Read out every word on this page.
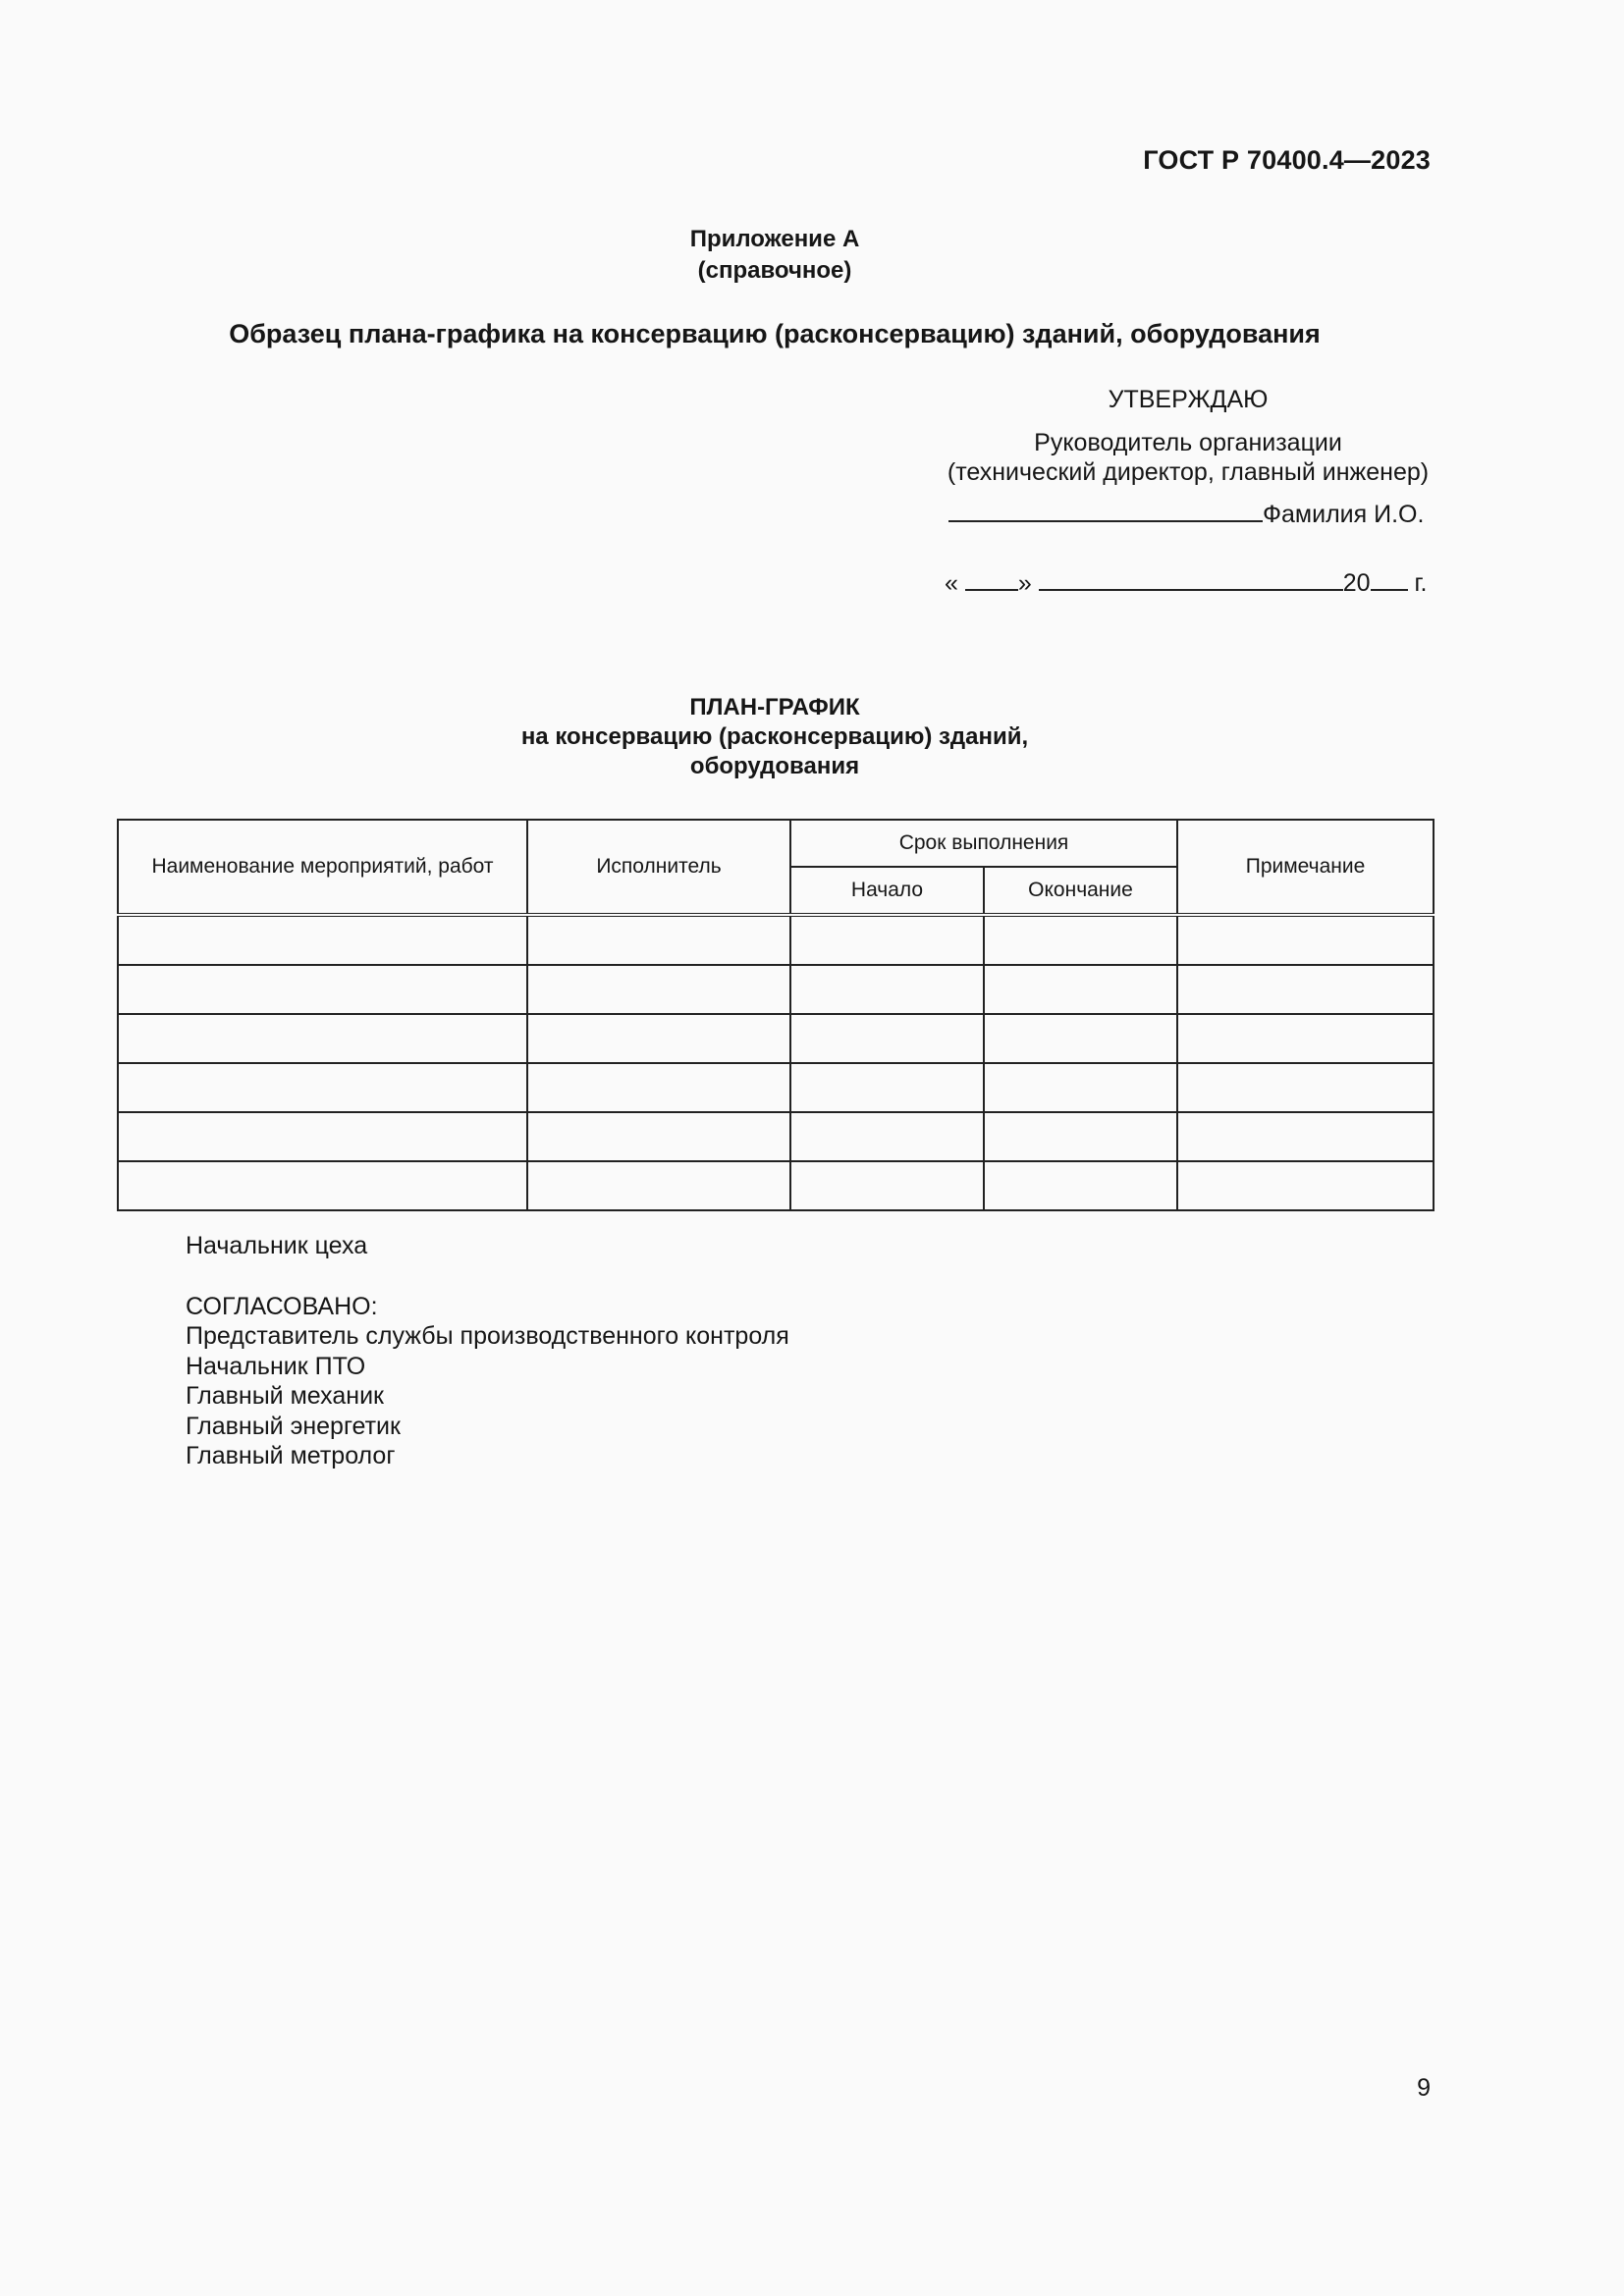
ГОСТ Р 70400.4—2023
Приложение А
(справочное)
Образец плана-графика на консервацию (расконсервацию) зданий, оборудования
УТВЕРЖДАЮ
Руководитель организации
(технический директор, главный инженер)
Фамилия И.О.
« »	20 г.
ПЛАН-ГРАФИК
на консервацию (расконсервацию) зданий,
оборудования
Наименование мероприятий, работ	Исполнитель	Срок выполнения		Примечание
		Начало	Окончание	

Начальник цеха
СОГЛАСОВАНО:
Представитель службы производственного контроля
Начальник ПТО
Главный механик
Главный энергетик
Главный метролог
9
